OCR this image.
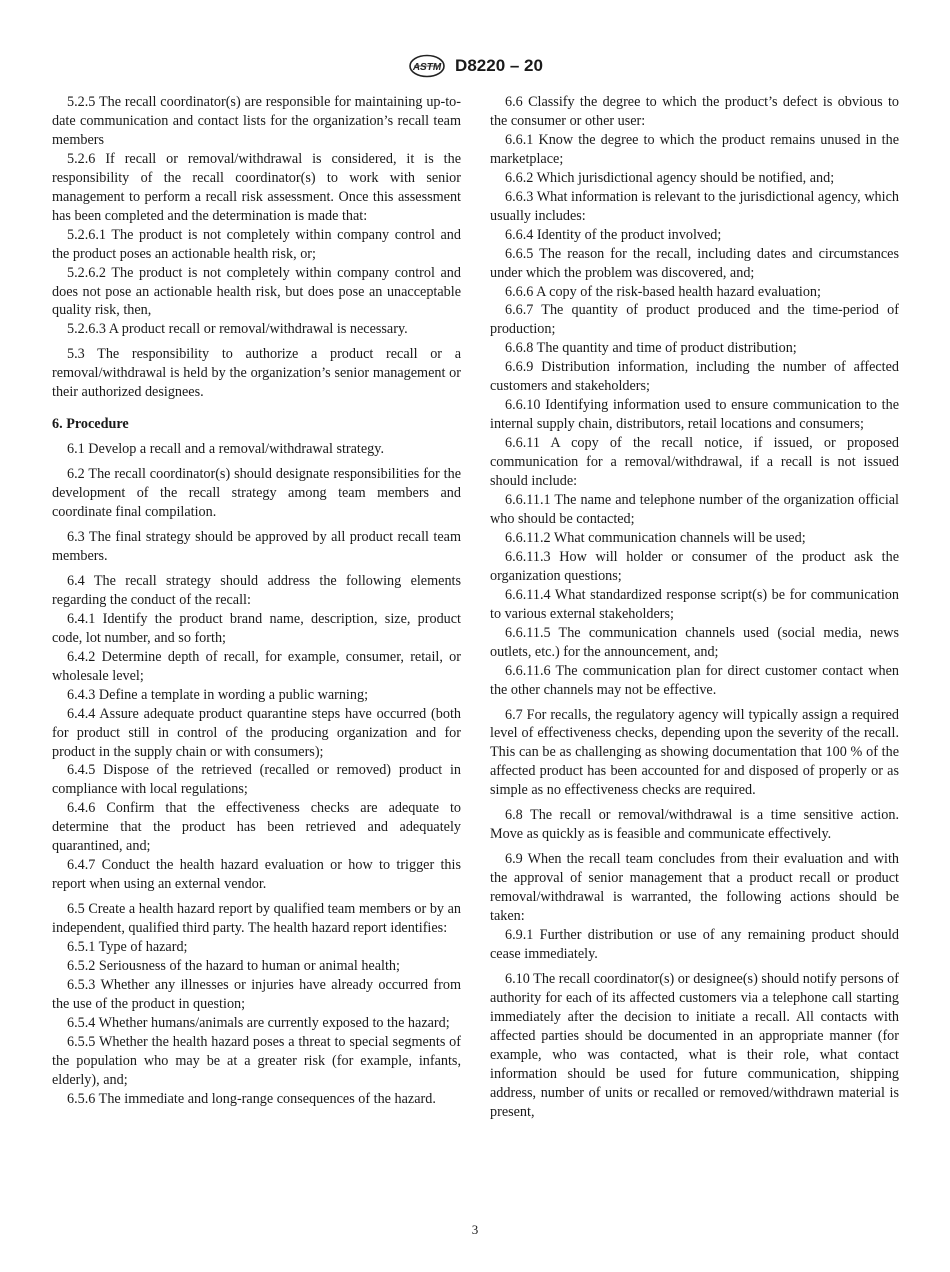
ASTM D8220 – 20

5.2.5 The recall coordinator(s) are responsible for maintaining up-to-date communication and contact lists for the organization’s recall team members

5.2.6 If recall or removal/withdrawal is considered, it is the responsibility of the recall coordinator(s) to work with senior management to perform a recall risk assessment. Once this assessment has been completed and the determination is made that:

5.2.6.1 The product is not completely within company control and the product poses an actionable health risk, or;

5.2.6.2 The product is not completely within company control and does not pose an actionable health risk, but does pose an unacceptable quality risk, then,

5.2.6.3 A product recall or removal/withdrawal is necessary.

5.3 The responsibility to authorize a product recall or a removal/withdrawal is held by the organization’s senior management or their authorized designees.

6. Procedure

6.1 Develop a recall and a removal/withdrawal strategy.

6.2 The recall coordinator(s) should designate responsibilities for the development of the recall strategy among team members and coordinate final compilation.

6.3 The final strategy should be approved by all product recall team members.

6.4 The recall strategy should address the following elements regarding the conduct of the recall:

6.4.1 Identify the product brand name, description, size, product code, lot number, and so forth;

6.4.2 Determine depth of recall, for example, consumer, retail, or wholesale level;

6.4.3 Define a template in wording a public warning;

6.4.4 Assure adequate product quarantine steps have occurred (both for product still in control of the producing organization and for product in the supply chain or with consumers);

6.4.5 Dispose of the retrieved (recalled or removed) product in compliance with local regulations;

6.4.6 Confirm that the effectiveness checks are adequate to determine that the product has been retrieved and adequately quarantined, and;

6.4.7 Conduct the health hazard evaluation or how to trigger this report when using an external vendor.

6.5 Create a health hazard report by qualified team members or by an independent, qualified third party. The health hazard report identifies:

6.5.1 Type of hazard;

6.5.2 Seriousness of the hazard to human or animal health;

6.5.3 Whether any illnesses or injuries have already occurred from the use of the product in question;

6.5.4 Whether humans/animals are currently exposed to the hazard;

6.5.5 Whether the health hazard poses a threat to special segments of the population who may be at a greater risk (for example, infants, elderly), and;

6.5.6 The immediate and long-range consequences of the hazard.

6.6 Classify the degree to which the product’s defect is obvious to the consumer or other user:

6.6.1 Know the degree to which the product remains unused in the marketplace;

6.6.2 Which jurisdictional agency should be notified, and;

6.6.3 What information is relevant to the jurisdictional agency, which usually includes:

6.6.4 Identity of the product involved;

6.6.5 The reason for the recall, including dates and circumstances under which the problem was discovered, and;

6.6.6 A copy of the risk-based health hazard evaluation;

6.6.7 The quantity of product produced and the time-period of production;

6.6.8 The quantity and time of product distribution;

6.6.9 Distribution information, including the number of affected customers and stakeholders;

6.6.10 Identifying information used to ensure communication to the internal supply chain, distributors, retail locations and consumers;

6.6.11 A copy of the recall notice, if issued, or proposed communication for a removal/withdrawal, if a recall is not issued should include:

6.6.11.1 The name and telephone number of the organization official who should be contacted;

6.6.11.2 What communication channels will be used;

6.6.11.3 How will holder or consumer of the product ask the organization questions;

6.6.11.4 What standardized response script(s) be for communication to various external stakeholders;

6.6.11.5 The communication channels used (social media, news outlets, etc.) for the announcement, and;

6.6.11.6 The communication plan for direct customer contact when the other channels may not be effective.

6.7 For recalls, the regulatory agency will typically assign a required level of effectiveness checks, depending upon the severity of the recall. This can be as challenging as showing documentation that 100 % of the affected product has been accounted for and disposed of properly or as simple as no effectiveness checks are required.

6.8 The recall or removal/withdrawal is a time sensitive action. Move as quickly as is feasible and communicate effectively.

6.9 When the recall team concludes from their evaluation and with the approval of senior management that a product recall or product removal/withdrawal is warranted, the following actions should be taken:

6.9.1 Further distribution or use of any remaining product should cease immediately.

6.10 The recall coordinator(s) or designee(s) should notify persons of authority for each of its affected customers via a telephone call starting immediately after the decision to initiate a recall. All contacts with affected parties should be documented in an appropriate manner (for example, who was contacted, what is their role, what contact information should be used for future communication, shipping address, number of units or recalled or removed/withdrawn material is present,

3
